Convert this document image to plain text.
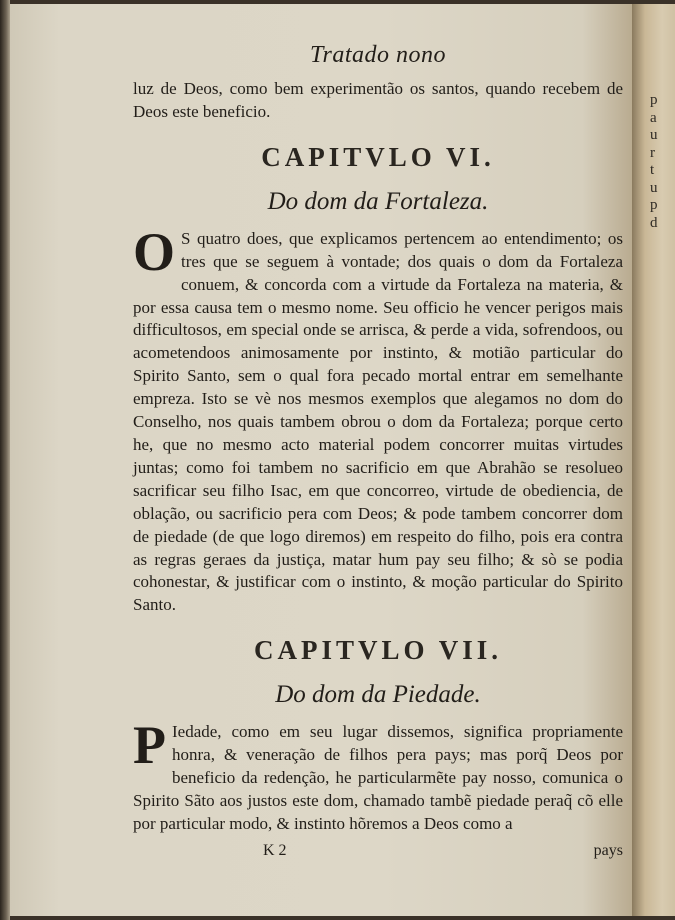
p a u r t u p d
Tratado nono
luz de Deos, como bem experimentão os santos, quando recebem de Deos este beneficio.
CAPITVLO VI.
Do dom da Fortaleza.
O S quatro does, que explicamos pertencem ao entendimento; os tres que se seguem à vontade; dos quais o dom da Fortaleza conuem, & concorda com a virtude da Fortaleza na materia, & por essa causa tem o mesmo nome. Seu officio he vencer perigos mais difficultosos, em special onde se arrisca, & perde a vida, sofrendoos, ou acometendoos animosamente por instinto, & motião particular do Spirito Santo, sem o qual fora pecado mortal entrar em semelhante empreza. Isto se vè nos mesmos exemplos que alegamos no dom do Conselho, nos quais tambem obrou o dom da Fortaleza; porque certo he, que no mesmo acto material podem concorrer muitas virtudes juntas; como foi tambem no sacrificio em que Abrahão se resolueo sacrificar seu filho Isac, em que concorreo, virtude de obediencia, de oblação, ou sacrificio pera com Deos; & pode tambem concorrer dom de piedade (de que logo diremos) em respeito do filho, pois era contra as regras geraes da justiça, matar hum pay seu filho; & sò se podia cohonestar, & justificar com o instinto, & moção particular do Spirito Santo.
CAPITVLO VII.
Do dom da Piedade.
P Iedade, como em seu lugar dissemos, significa propriamente honra, & veneração de filhos pera pays; mas porq̃ Deos por beneficio da redenção, he particularmẽte pay nosso, comunica o Spirito Sãto aos justos este dom, chamado tambẽ piedade peraq̃ cõ elle por particular modo, & instinto hõremos a Deos como a
K 2	pays
